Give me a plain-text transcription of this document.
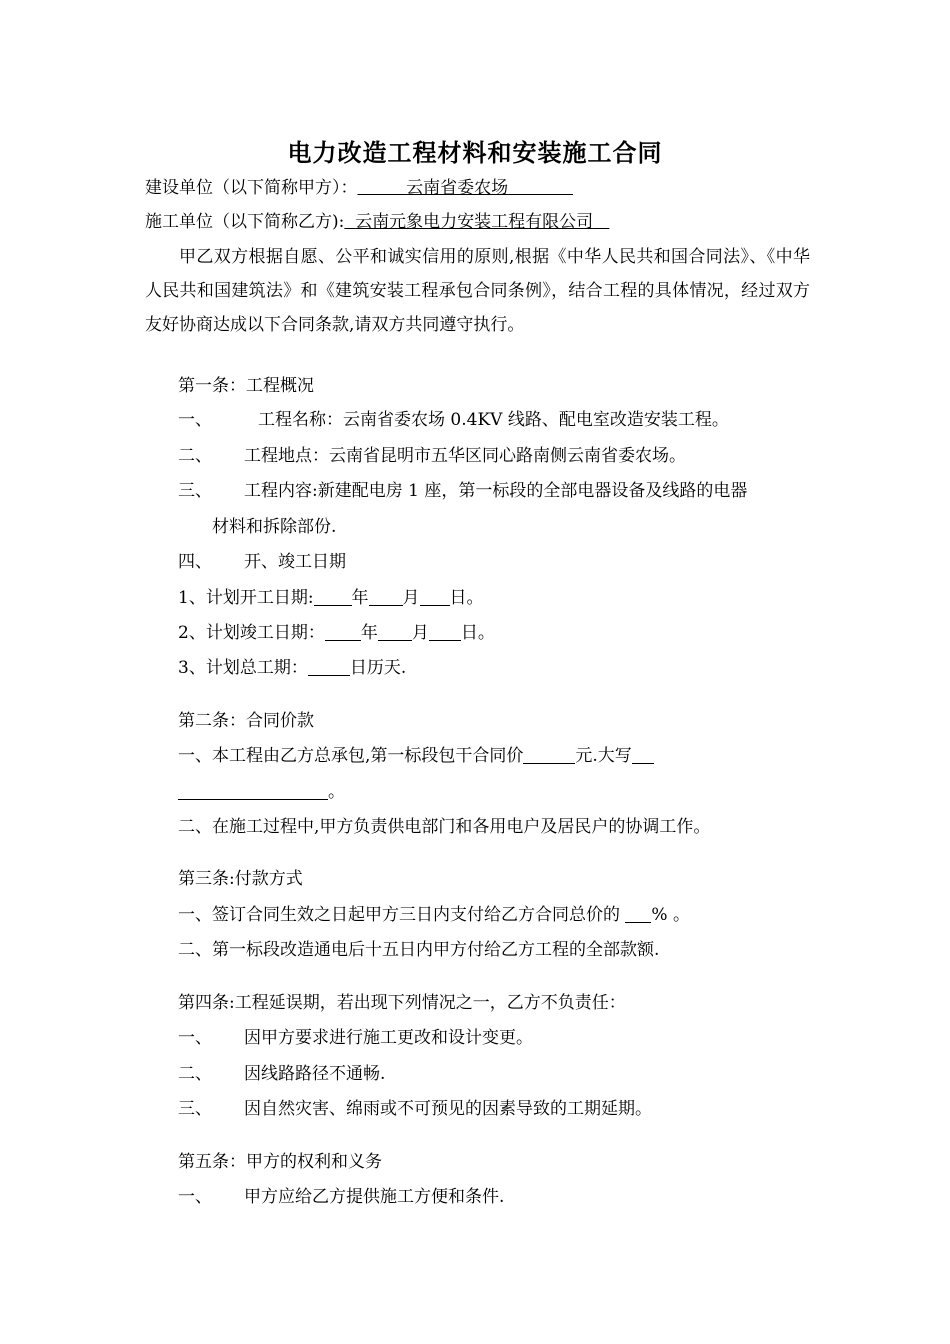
电力改造工程材料和安装施工合同
建设单位（以下简称甲方）：	云南省委农场
施工单位（以下简称乙方): 云南元象电力安装工程有限公司
甲乙双方根据自愿、公平和诚实信用的原则,根据《中华人民共和国合同法》、《中华人民共和国建筑法》和《建筑安装工程承包合同条例》，结合工程的具体情况，经过双方友好协商达成以下合同条款,请双方共同遵守执行。
第一条：工程概况
一、	工程名称：云南省委农场 0.4KV 线路、配电室改造安装工程。
二、 工程地点：云南省昆明市五华区同心路南侧云南省委农场。
三、 工程内容:新建配电房 1 座，第一标段的全部电器设备及线路的电器
材料和拆除部份.
四、 开、竣工日期
1、计划开工日期: 年 月 日。
2、计划竣工日期： 年 月 日。
3、计划总工期： 日历天.
第二条：合同价款
一、本工程由乙方总承包,第一标段包干合同价	元.大写
。
二、在施工过程中,甲方负责供电部门和各用电户及居民户的协调工作。
第三条:付款方式
一、签订合同生效之日起甲方三日内支付给乙方合同总价的 % 。
二、第一标段改造通电后十五日内甲方付给乙方工程的全部款额.
第四条:工程延误期，若出现下列情况之一，乙方不负责任：
一、 因甲方要求进行施工更改和设计变更。
二、 因线路路径不通畅.
三、 因自然灾害、绵雨或不可预见的因素导致的工期延期。
第五条：甲方的权利和义务
一、 甲方应给乙方提供施工方便和条件.
